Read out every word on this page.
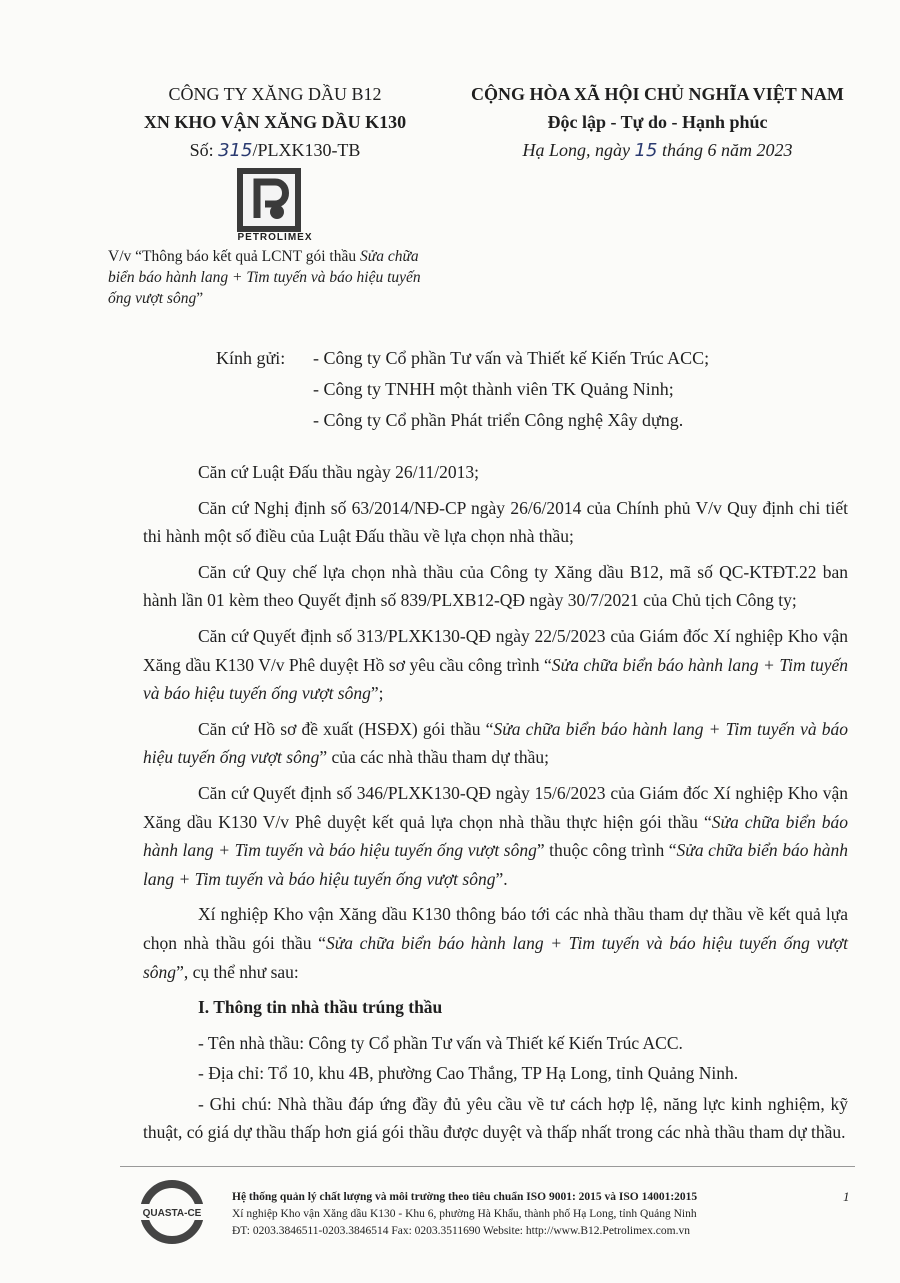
CÔNG TY XĂNG DẦU B12
XN KHO VẬN XĂNG DẦU K130
Số: 315/PLXK130-TB
PETROLIMEX
CỘNG HÒA XÃ HỘI CHỦ NGHĨA VIỆT NAM
Độc lập - Tự do - Hạnh phúc
Hạ Long, ngày 15 tháng 6 năm 2023
V/v “Thông báo kết quả LCNT gói thầu Sửa chữa biển báo hành lang + Tim tuyến và báo hiệu tuyến ống vượt sông”
Kính gửi: - Công ty Cổ phần Tư vấn và Thiết kế Kiến Trúc ACC;
- Công ty TNHH một thành viên TK Quảng Ninh;
- Công ty Cổ phần Phát triển Công nghệ Xây dựng.

Căn cứ Luật Đấu thầu ngày 26/11/2013;

Căn cứ Nghị định số 63/2014/NĐ-CP ngày 26/6/2014 của Chính phủ V/v Quy định chi tiết thi hành một số điều của Luật Đấu thầu về lựa chọn nhà thầu;

Căn cứ Quy chế lựa chọn nhà thầu của Công ty Xăng dầu B12, mã số QC-KTĐT.22 ban hành lần 01 kèm theo Quyết định số 839/PLXB12-QĐ ngày 30/7/2021 của Chủ tịch Công ty;

Căn cứ Quyết định số 313/PLXK130-QĐ ngày 22/5/2023 của Giám đốc Xí nghiệp Kho vận Xăng dầu K130 V/v Phê duyệt Hồ sơ yêu cầu công trình “Sửa chữa biển báo hành lang + Tim tuyến và báo hiệu tuyến ống vượt sông”;

Căn cứ Hồ sơ đề xuất (HSĐX) gói thầu “Sửa chữa biển báo hành lang + Tim tuyến và báo hiệu tuyến ống vượt sông” của các nhà thầu tham dự thầu;

Căn cứ Quyết định số 346/PLXK130-QĐ ngày 15/6/2023 của Giám đốc Xí nghiệp Kho vận Xăng dầu K130 V/v Phê duyệt kết quả lựa chọn nhà thầu thực hiện gói thầu “Sửa chữa biển báo hành lang + Tim tuyến và báo hiệu tuyến ống vượt sông” thuộc công trình “Sửa chữa biển báo hành lang + Tim tuyến và báo hiệu tuyến ống vượt sông”.

Xí nghiệp Kho vận Xăng dầu K130 thông báo tới các nhà thầu tham dự thầu về kết quả lựa chọn nhà thầu gói thầu “Sửa chữa biển báo hành lang + Tim tuyến và báo hiệu tuyến ống vượt sông”, cụ thể như sau:

I. Thông tin nhà thầu trúng thầu

- Tên nhà thầu: Công ty Cổ phần Tư vấn và Thiết kế Kiến Trúc ACC.

- Địa chỉ: Tổ 10, khu 4B, phường Cao Thắng, TP Hạ Long, tỉnh Quảng Ninh.

- Ghi chú: Nhà thầu đáp ứng đầy đủ yêu cầu về tư cách hợp lệ, năng lực kinh nghiệm, kỹ thuật, có giá dự thầu thấp hơn giá gói thầu được duyệt và thấp nhất trong các nhà thầu tham dự thầu.

QUASTA-CE
Hệ thống quản lý chất lượng và môi trường theo tiêu chuẩn ISO 9001: 2015 và ISO 14001:2015
Xí nghiệp Kho vận Xăng dầu K130 - Khu 6, phường Hà Khẩu, thành phố Hạ Long, tỉnh Quảng Ninh
ĐT: 0203.3846511-0203.3846514 Fax: 0203.3511690 Website: http://www.B12.Petrolimex.com.vn
1
